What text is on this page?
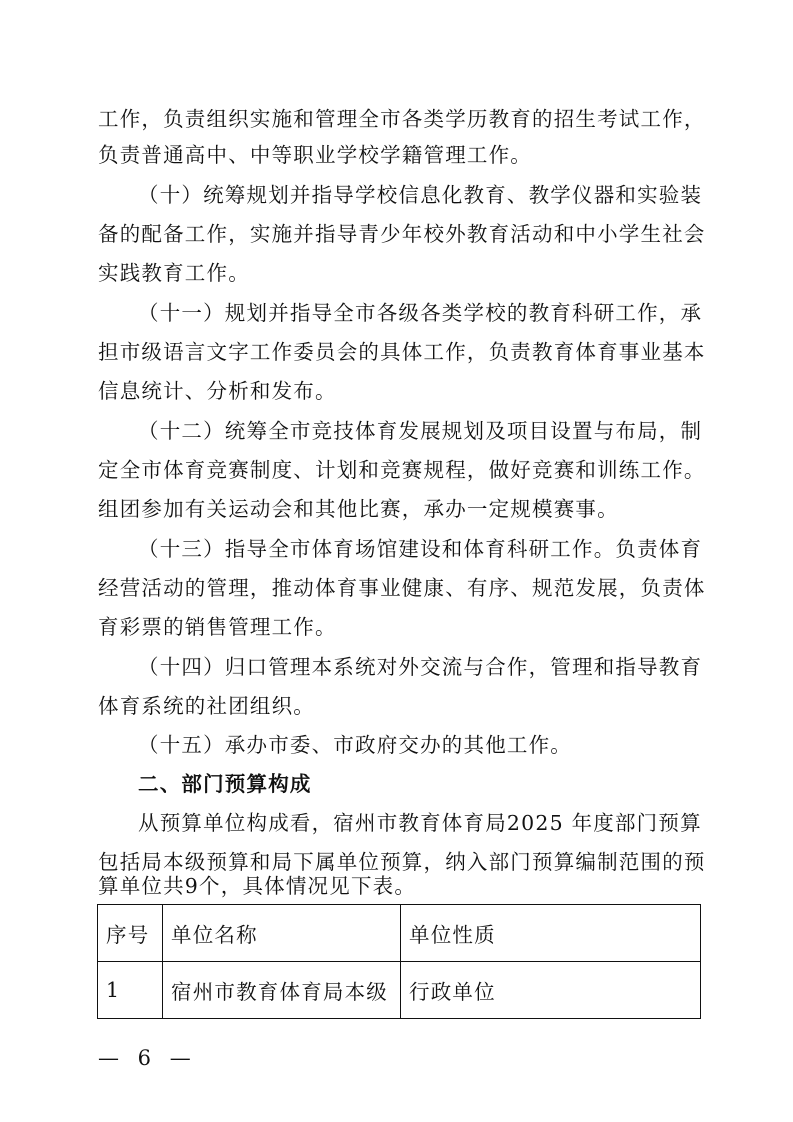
工作，负责组织实施和管理全市各类学历教育的招生考试工作，
负责普通高中、中等职业学校学籍管理工作。
（十）统筹规划并指导学校信息化教育、教学仪器和实验装
备的配备工作，实施并指导青少年校外教育活动和中小学生社会
实践教育工作。
（十一）规划并指导全市各级各类学校的教育科研工作，承
担市级语言文字工作委员会的具体工作，负责教育体育事业基本
信息统计、分析和发布。
（十二）统筹全市竞技体育发展规划及项目设置与布局，制
定全市体育竞赛制度、计划和竞赛规程，做好竞赛和训练工作。
组团参加有关运动会和其他比赛，承办一定规模赛事。
（十三）指导全市体育场馆建设和体育科研工作。负责体育
经营活动的管理，推动体育事业健康、有序、规范发展，负责体
育彩票的销售管理工作。
（十四）归口管理本系统对外交流与合作，管理和指导教育
体育系统的社团组织。
（十五）承办市委、市政府交办的其他工作。
二、部门预算构成
从预算单位构成看，宿州市教育体育局2025 年度部门预算
包括局本级预算和局下属单位预算，纳入部门预算编制范围的预
算单位共9个，具体情况见下表。
序号	单位名称	单位性质
1	宿州市教育体育局本级	行政单位
— 6 —
